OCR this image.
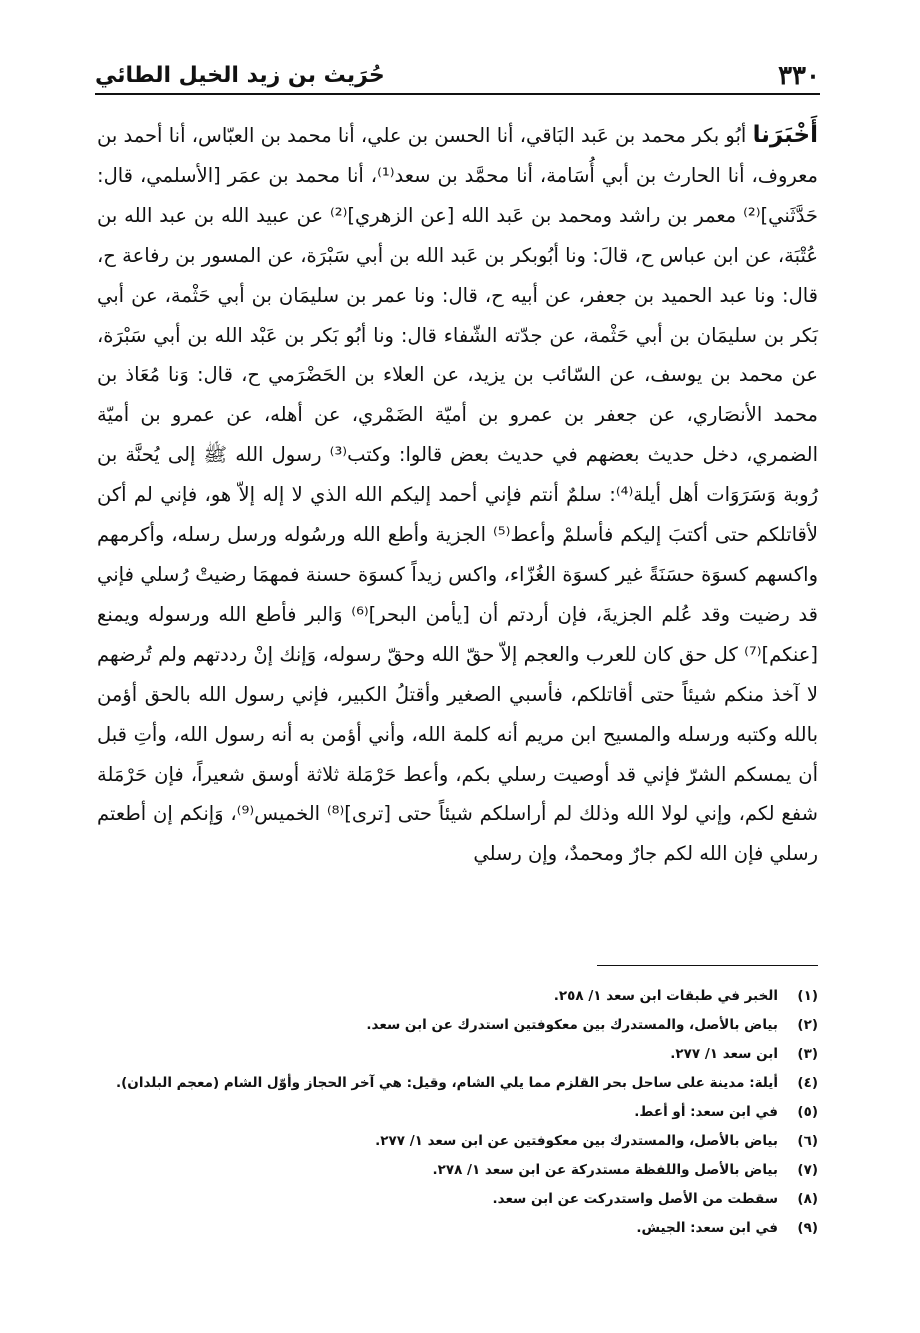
٣٣٠
حُرَيث بن زيد الخيل الطائي
أَخْبَرَنا أبُو بكر محمد بن عَبد البَاقي، أنا الحسن بن علي، أنا محمد بن العبّاس، أنا أحمد بن معروف، أنا الحارث بن أبي أُسَامة، أنا محمَّد بن سعد⁽¹⁾، أنا محمد بن عمَر [الأسلمي، قال: حَدَّثَني]⁽²⁾ معمر بن راشد ومحمد بن عَبد الله [عن الزهري]⁽²⁾ عن عبيد الله بن عبد الله بن عُتْبَة، عن ابن عباس ح، قالَ: ونا أبُوبكر بن عَبد الله بن أبي سَبْرَة، عن المسور بن رفاعة ح، قال: ونا عبد الحميد بن جعفر، عن أبيه ح، قال: ونا عمر بن سليمَان بن أبي حَثْمة، عن أبي بَكر بن سليمَان بن أبي حَثْمة، عن جدّته الشّفاء قال: ونا أبُو بَكر بن عَبْد الله بن أبي سَبْرَة، عن محمد بن يوسف، عن السّائب بن يزيد، عن العلاء بن الحَضْرَمي ح، قال: وَنا مُعَاذ بن محمد الأنصَاري، عن جعفر بن عمرو بن أميّة الضَمْري، عن أهله، عن عمرو بن أميّة الضمري، دخل حديث بعضهم في حديث بعض قالوا: وكتب⁽³⁾ رسول الله ﷺ إلى يُحنَّة بن رُوبة وَسَرَوَات أهل أيلة⁽⁴⁾: سلمٌ أنتم فإني أحمد إليكم الله الذي لا إله إلاّ هو، فإني لم أكن لأقاتلكم حتى أكتبَ إليكم فأسلمْ وأعط⁽⁵⁾ الجزية وأطع الله ورسُوله ورسل رسله، وأكرمهم واكسهم كسوَة حسَنَةً غير كسوَة الغُزّاء، واكس زيداً كسوَة حسنة فمهمَا رضيتْ رُسلي فإني قد رضيت وقد عُلم الجزيةَ، فإن أردتم أن [يأمن البحر]⁽⁶⁾ وَالبر فأطع الله ورسوله ويمنع [عنكم]⁽⁷⁾ كل حق كان للعرب والعجم إلاّ حقّ الله وحقّ رسوله، وَإنك إنْ رددتهم ولم تُرضهم لا آخذ منكم شيئاً حتى أقاتلكم، فأسبي الصغير وأقتلُ الكبير، فإني رسول الله بالحق أؤمن بالله وكتبه ورسله والمسيح ابن مريم أنه كلمة الله، وأني أؤمن به أنه رسول الله، وأتِ قبل أن يمسكم الشرّ فإني قد أوصيت رسلي بكم، وأعط حَرْمَلة ثلاثة أوسق شعيراً، فإن حَرْمَلة شفع لكم، وإني لولا الله وذلك لم أراسلكم شيئاً حتى [ترى]⁽⁸⁾ الخميس⁽⁹⁾، وَإنكم إن أطعتم رسلي فإن الله لكم جارٌ ومحمدٌ، وإن رسلي
(١)
الخبر في طبقات ابن سعد ١/ ٢٥٨.
(٢)
بياض بالأصل، والمستدرك بين معكوفتين استدرك عن ابن سعد.
(٣)
ابن سعد ١/ ٢٧٧.
(٤)
أيلة: مدينة على ساحل بحر القلزم مما يلي الشام، وقيل: هي آخر الحجاز وأوّل الشام (معجم البلدان).
(٥)
في ابن سعد: أو أعط.
(٦)
بياض بالأصل، والمستدرك بين معكوفتين عن ابن سعد ١/ ٢٧٧.
(٧)
بياض بالأصل واللفظة مستدركة عن ابن سعد ١/ ٢٧٨.
(٨)
سقطت من الأصل واستدركت عن ابن سعد.
(٩)
في ابن سعد: الجيش.
